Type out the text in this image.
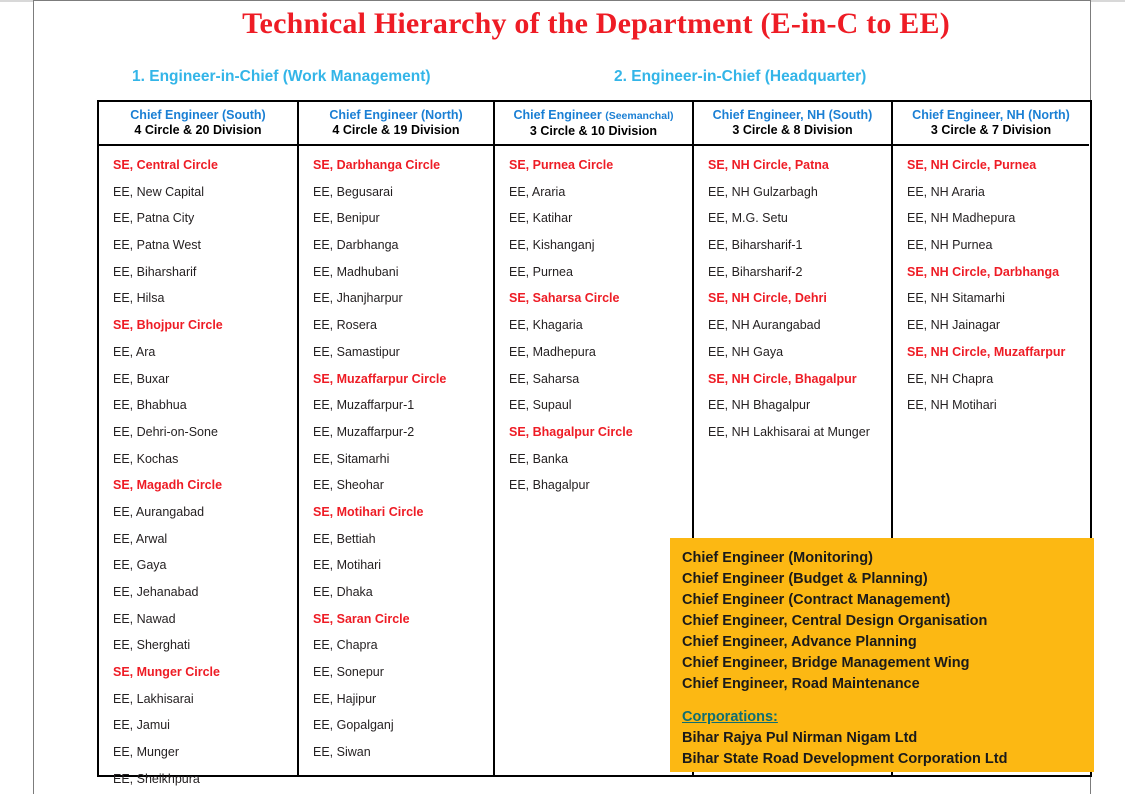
Technical Hierarchy of the Department (E-in-C to EE)
1. Engineer-in-Chief (Work Management)	2. Engineer-in-Chief (Headquarter)
Chief Engineer (South)
4 Circle & 20 Division
SE, Central Circle
EE, New Capital
EE, Patna City
EE, Patna West
EE, Biharsharif
EE, Hilsa
SE, Bhojpur Circle
EE, Ara
EE, Buxar
EE, Bhabhua
EE, Dehri-on-Sone
EE, Kochas
SE, Magadh Circle
EE, Aurangabad
EE, Arwal
EE, Gaya
EE, Jehanabad
EE, Nawad
EE, Sherghati
SE, Munger Circle
EE, Lakhisarai
EE, Jamui
EE, Munger
EE, Sheikhpura
Chief Engineer (North)
4 Circle & 19 Division
SE, Darbhanga Circle
EE, Begusarai
EE, Benipur
EE, Darbhanga
EE, Madhubani
EE, Jhanjharpur
EE, Rosera
EE, Samastipur
SE, Muzaffarpur Circle
EE, Muzaffarpur-1
EE, Muzaffarpur-2
EE, Sitamarhi
EE, Sheohar
SE, Motihari Circle
EE, Bettiah
EE, Motihari
EE, Dhaka
SE, Saran Circle
EE, Chapra
EE, Sonepur
EE, Hajipur
EE, Gopalganj
EE, Siwan
Chief Engineer (Seemanchal)
3 Circle & 10 Division
SE, Purnea Circle
EE, Araria
EE, Katihar
EE, Kishanganj
EE, Purnea
SE, Saharsa Circle
EE, Khagaria
EE, Madhepura
EE, Saharsa
EE, Supaul
SE, Bhagalpur Circle
EE, Banka
EE, Bhagalpur
Chief Engineer, NH (South)
3 Circle & 8 Division
SE, NH Circle, Patna
EE, NH Gulzarbagh
EE, M.G. Setu
EE, Biharsharif-1
EE, Biharsharif-2
SE, NH Circle, Dehri
EE, NH Aurangabad
EE, NH Gaya
SE, NH Circle, Bhagalpur
EE, NH Bhagalpur
EE, NH Lakhisarai at Munger
Chief Engineer, NH (North)
3 Circle & 7 Division
SE, NH Circle, Purnea
EE, NH Araria
EE, NH Madhepura
EE, NH Purnea
SE, NH Circle, Darbhanga
EE, NH Sitamarhi
EE, NH Jainagar
SE, NH Circle, Muzaffarpur
EE, NH Chapra
EE, NH Motihari
Chief Engineer (Monitoring)
Chief Engineer (Budget & Planning)
Chief Engineer (Contract Management)
Chief Engineer, Central Design Organisation
Chief Engineer, Advance Planning
Chief Engineer, Bridge Management Wing
Chief Engineer, Road Maintenance
Corporations:
Bihar Rajya Pul Nirman Nigam Ltd
Bihar State Road Development Corporation Ltd
